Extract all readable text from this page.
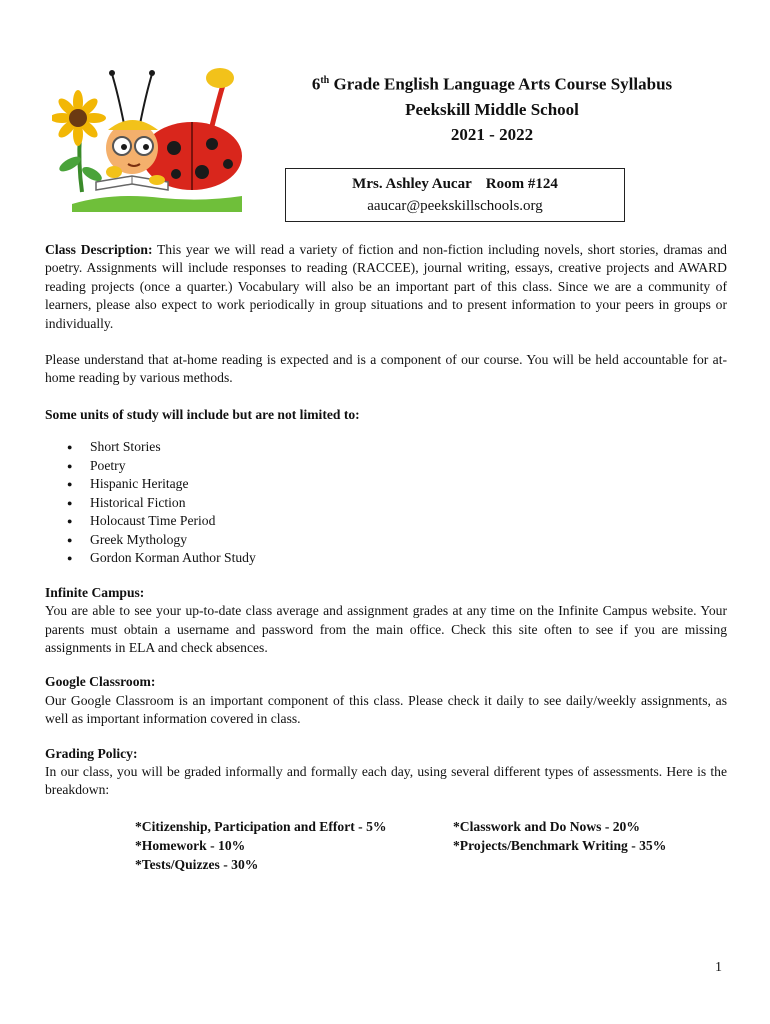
6th Grade English Language Arts Course Syllabus
Peekskill Middle School
2021 - 2022
Mrs. Ashley Aucar Room #124
aaucar@peekskillschools.org

Class Description: This year we will read a variety of fiction and non-fiction including novels, short stories, dramas and poetry. Assignments will include responses to reading (RACCEE), journal writing, essays, creative projects and AWARD reading projects (once a quarter.) Vocabulary will also be an important part of this class. Since we are a community of learners, please also expect to work periodically in group situations and to present information to your peers in groups or individually.

Please understand that at-home reading is expected and is a component of our course. You will be held accountable for at-home reading by various methods.

Some units of study will include but are not limited to:
● Short Stories
● Poetry
● Hispanic Heritage
● Historical Fiction
● Holocaust Time Period
● Greek Mythology
● Gordon Korman Author Study
Infinite Campus:

You are able to see your up-to-date class average and assignment grades at any time on the Infinite Campus website. Your parents must obtain a username and password from the main office. Check this site often to see if you are missing assignments in ELA and check absences.

Google Classroom:

Our Google Classroom is an important component of this class. Please check it daily to see daily/weekly assignments, as well as important information covered in class.

Grading Policy:

In our class, you will be graded informally and formally each day, using several different types of assessments. Here is the breakdown:

*Citizenship, Participation and Effort - 5%
*Homework - 10%
*Tests/Quizzes - 30%
*Classwork and Do Nows - 20%
*Projects/Benchmark Writing - 35%
1
